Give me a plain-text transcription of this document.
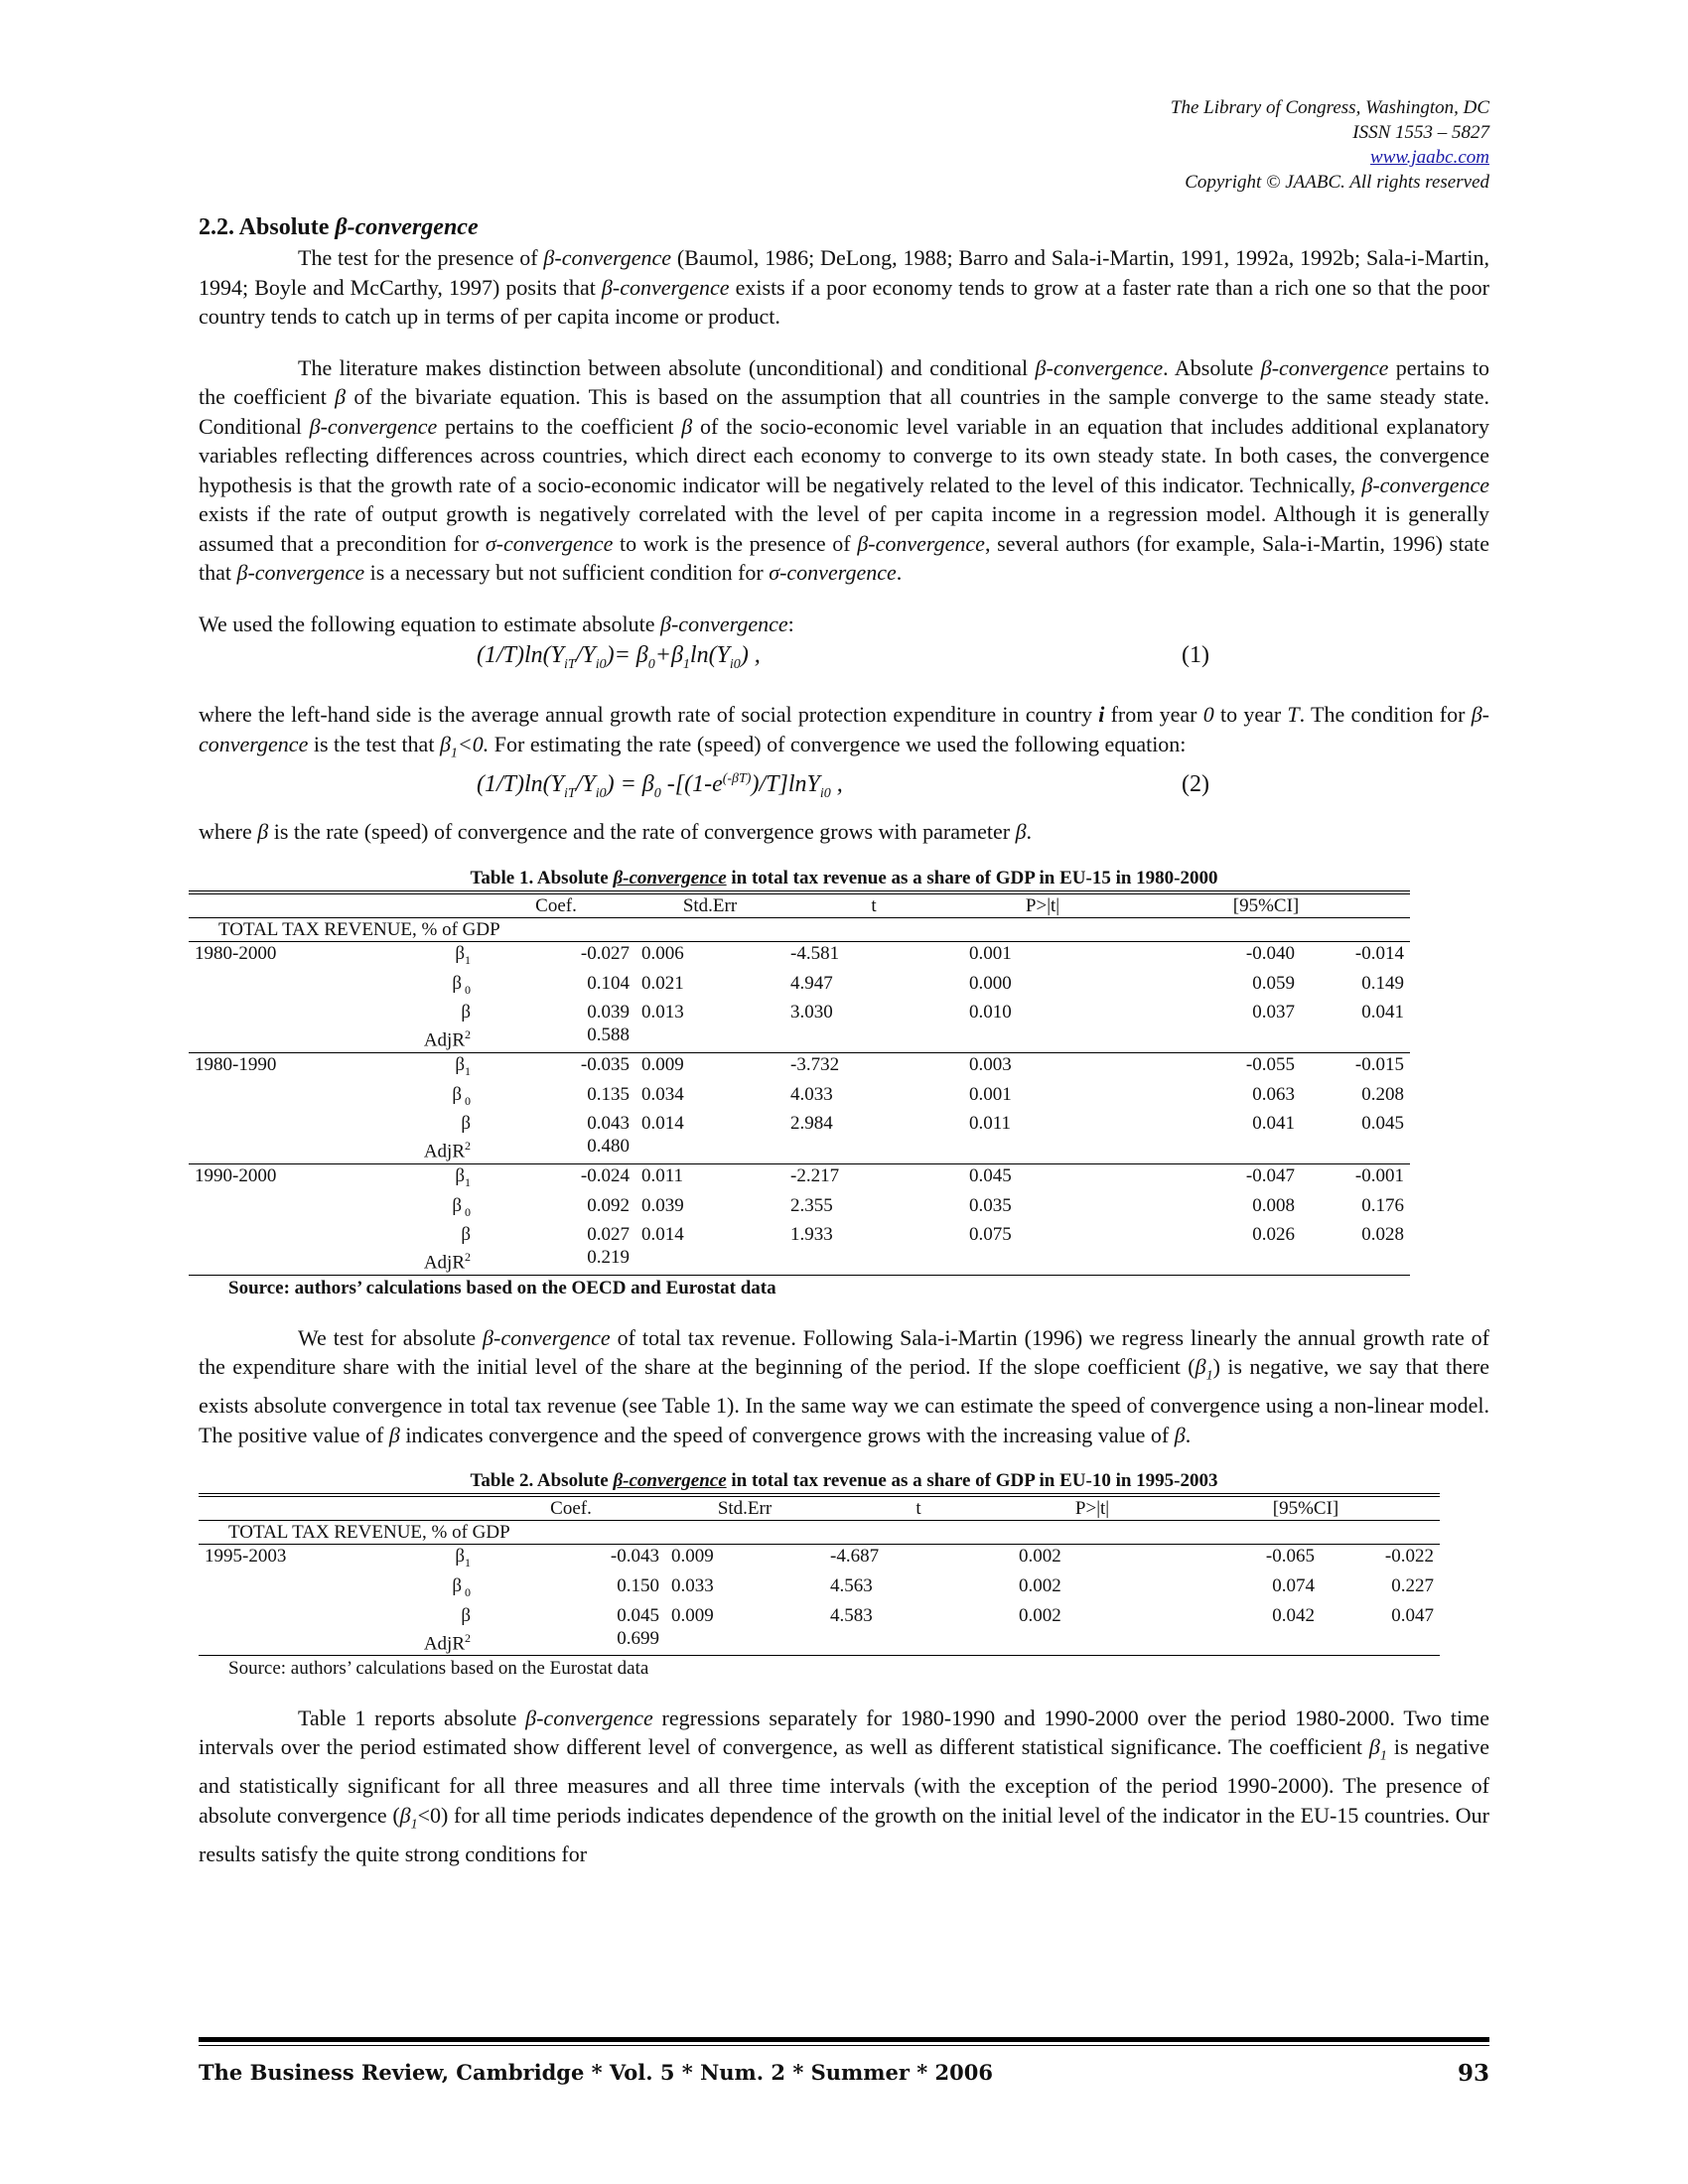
The Library of Congress, Washington, DC
ISSN 1553 – 5827
www.jaabc.com
Copyright © JAABC. All rights reserved
2.2. Absolute β-convergence

The test for the presence of β-convergence (Baumol, 1986; DeLong, 1988; Barro and Sala-i-Martin, 1991, 1992a, 1992b; Sala-i-Martin, 1994; Boyle and McCarthy, 1997) posits that β-convergence exists if a poor economy tends to grow at a faster rate than a rich one so that the poor country tends to catch up in terms of per capita income or product.

The literature makes distinction between absolute (unconditional) and conditional β-convergence. Absolute β-convergence pertains to the coefficient β of the bivariate equation. This is based on the assumption that all countries in the sample converge to the same steady state. Conditional β-convergence pertains to the coefficient β of the socio-economic level variable in an equation that includes additional explanatory variables reflecting differences across countries, which direct each economy to converge to its own steady state. In both cases, the convergence hypothesis is that the growth rate of a socio-economic indicator will be negatively related to the level of this indicator. Technically, β-convergence exists if the rate of output growth is negatively correlated with the level of per capita income in a regression model. Although it is generally assumed that a precondition for σ-convergence to work is the presence of β-convergence, several authors (for example, Sala-i-Martin, 1996) state that β-convergence is a necessary but not sufficient condition for σ-convergence.

We used the following equation to estimate absolute β-convergence:

$(1/T)\ln(Y_{iT}/Y_{i0})= \beta_0+\beta_1\ln(Y_{i0})$ ,	(1)

where the left-hand side is the average annual growth rate of social protection expenditure in country i from year 0 to year T. The condition for β-convergence is the test that $\beta_1<0$. For estimating the rate (speed) of convergence we used the following equation:

$(1/T)\ln(Y_{iT}/Y_{i0}) = \beta_0$ $-[(1-e^{(-\beta T)})/T]\ln Y_{i0}$ ,	(2)

where β is the rate (speed) of convergence and the rate of convergence grows with parameter β.

Table 1. Absolute β-convergence in total tax revenue as a share of GDP in EU-15 in 1980-2000
		Coef.	Std.Err	t	P>|t|	[95%CI]	
TOTAL TAX REVENUE, % of GDP							
1980-2000	$\beta_1$	-0.027	0.006	-4.581	0.001	-0.040	-0.014
	β $_0$	0.104	0.021	4.947	0.000	0.059	0.149
	β	0.039	0.013	3.030	0.010	0.037	0.041
	AdjR$^2$	0.588					
1980-1990	$\beta_1$	-0.035	0.009	-3.732	0.003	-0.055	-0.015
	β $_0$	0.135	0.034	4.033	0.001	0.063	0.208
	β	0.043	0.014	2.984	0.011	0.041	0.045
	AdjR$^2$	0.480					
1990-2000	$\beta_1$	-0.024	0.011	-2.217	0.045	-0.047	-0.001
	β $_0$	0.092	0.039	2.355	0.035	0.008	0.176
	β	0.027	0.014	1.933	0.075	0.026	0.028
	AdjR$^2$	0.219					
Source: authors’ calculations based on the OECD and Eurostat data

We test for absolute β-convergence of total tax revenue. Following Sala-i-Martin (1996) we regress linearly the annual growth rate of the expenditure share with the initial level of the share at the beginning of the period. If the slope coefficient $(\beta_1)$ is negative, we say that there exists absolute convergence in total tax revenue (see Table 1). In the same way we can estimate the speed of convergence using a non-linear model. The positive value of β indicates convergence and the speed of convergence grows with the increasing value of β.

Table 2. Absolute β-convergence in total tax revenue as a share of GDP in EU-10 in 1995-2003
		Coef.	Std.Err	t	P>|t|	[95%CI]	
TOTAL TAX REVENUE, % of GDP							
1995-2003	$\beta_1$	-0.043	0.009	-4.687	0.002	-0.065	-0.022
	β $_0$	0.150	0.033	4.563	0.002	0.074	0.227
	β	0.045	0.009	4.583	0.002	0.042	0.047
	AdjR$^2$	0.699					
Source: authors’ calculations based on the Eurostat data

Table 1 reports absolute β-convergence regressions separately for 1980-1990 and 1990-2000 over the period 1980-2000. Two time intervals over the period estimated show different level of convergence, as well as different statistical significance. The coefficient $\beta_1$ is negative and statistically significant for all three measures and all three time intervals (with the exception of the period 1990-2000). The presence of absolute convergence $(\beta_1<0)$ for all time periods indicates dependence of the growth on the initial level of the indicator in the EU-15 countries. Our results satisfy the quite strong conditions for

The Business Review, Cambridge * Vol. 5 * Num. 2 * Summer * 2006	93
